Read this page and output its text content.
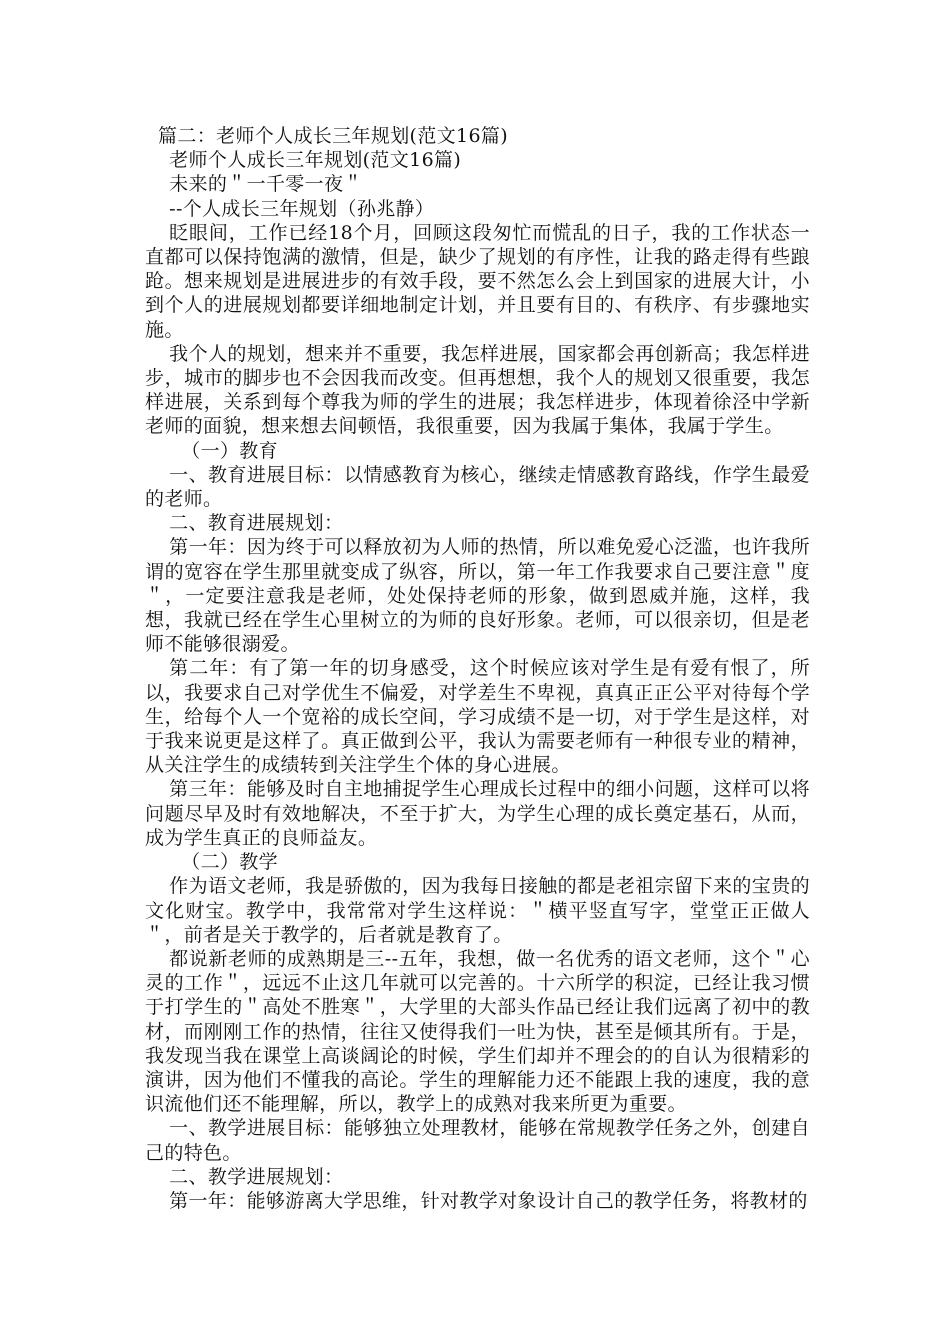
篇二：老师个人成长三年规划(范文16篇)

老师个人成长三年规划(范文16篇)

未来的＂一千零一夜＂

--个人成长三年规划（孙兆静）

眨眼间，工作已经18个月，回顾这段匆忙而慌乱的日子，我的工作状态一直都可以保持饱满的激情，但是，缺少了规划的有序性，让我的路走得有些踉跄。想来规划是进展进步的有效手段，要不然怎么会上到国家的进展大计，小到个人的进展规划都要详细地制定计划，并且要有目的、有秩序、有步骤地实施。

我个人的规划，想来并不重要，我怎样进展，国家都会再创新高；我怎样进步，城市的脚步也不会因我而改变。但再想想，我个人的规划又很重要，我怎样进展，关系到每个尊我为师的学生的进展；我怎样进步，体现着徐泾中学新老师的面貌，想来想去间顿悟，我很重要，因为我属于集体，我属于学生。

（一）教育

一、教育进展目标：以情感教育为核心，继续走情感教育路线，作学生最爱的老师。

二、教育进展规划：

第一年：因为终于可以释放初为人师的热情，所以难免爱心泛滥，也许我所谓的宽容在学生那里就变成了纵容，所以，第一年工作我要求自己要注意＂度＂，一定要注意我是老师，处处保持老师的形象，做到恩威并施，这样，我想，我就已经在学生心里树立的为师的良好形象。老师，可以很亲切，但是老师不能够很溺爱。

第二年：有了第一年的切身感受，这个时候应该对学生是有爱有恨了，所以，我要求自己对学优生不偏爱，对学差生不卑视，真真正正公平对待每个学生，给每个人一个宽裕的成长空间，学习成绩不是一切，对于学生是这样，对于我来说更是这样了。真正做到公平，我认为需要老师有一种很专业的精神，从关注学生的成绩转到关注学生个体的身心进展。

第三年：能够及时自主地捕捉学生心理成长过程中的细小问题，这样可以将问题尽早及时有效地解决，不至于扩大，为学生心理的成长奠定基石，从而，成为学生真正的良师益友。

（二）教学

作为语文老师，我是骄傲的，因为我每日接触的都是老祖宗留下来的宝贵的文化财宝。教学中，我常常对学生这样说：＂横平竖直写字，堂堂正正做人＂，前者是关于教学的，后者就是教育了。

都说新老师的成熟期是三--五年，我想，做一名优秀的语文老师，这个＂心灵的工作＂，远远不止这几年就可以完善的。十六所学的积淀，已经让我习惯于打学生的＂高处不胜寒＂，大学里的大部头作品已经让我们远离了初中的教材，而刚刚工作的热情，往往又使得我们一吐为快，甚至是倾其所有。于是，我发现当我在课堂上高谈阔论的时候，学生们却并不理会的的自认为很精彩的演讲，因为他们不懂我的高论。学生的理解能力还不能跟上我的速度，我的意识流他们还不能理解，所以，教学上的成熟对我来所更为重要。

一、教学进展目标：能够独立处理教材，能够在常规教学任务之外，创建自己的特色。

二、教学进展规划：

第一年：能够游离大学思维，针对教学对象设计自己的教学任务，将教材的
